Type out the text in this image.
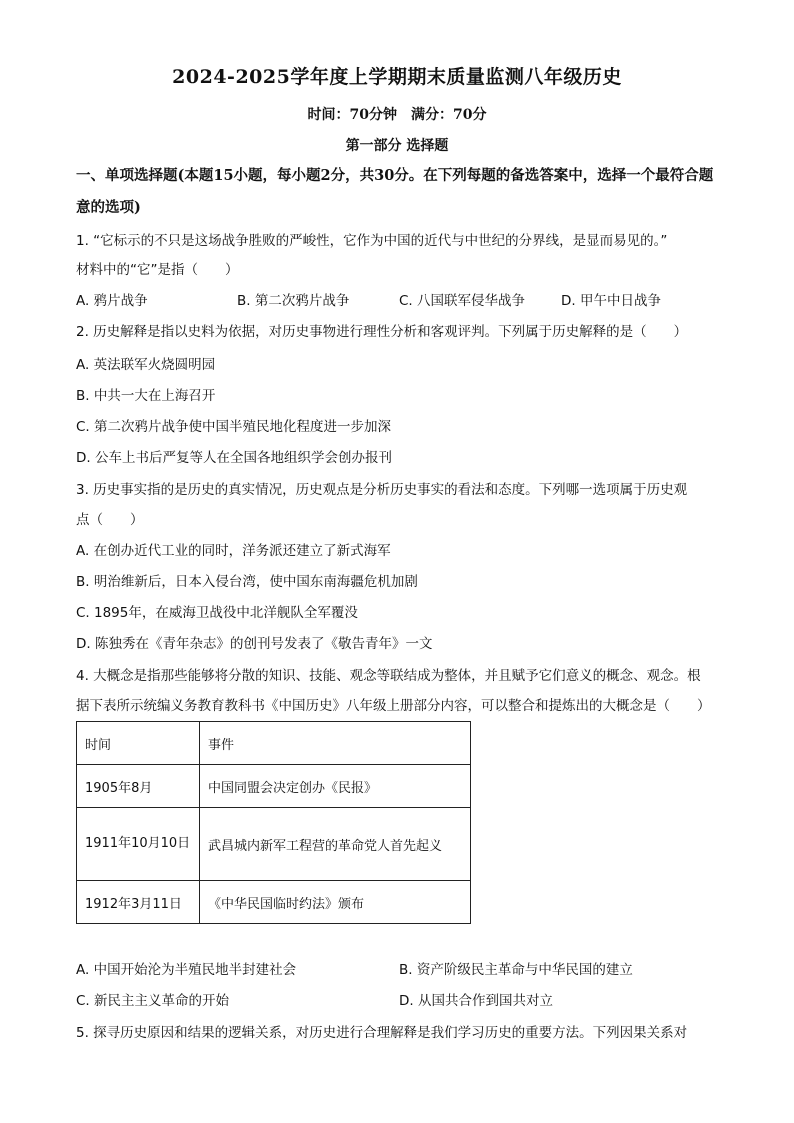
2024-2025学年度上学期期末质量监测八年级历史
时间：70分钟　满分：70分
第一部分 选择题
一、单项选择题(本题15小题，每小题2分，共30分。在下列每题的备选答案中，选择一个最符合题意的选项)
1. “它标示的不只是这场战争胜败的严峻性，它作为中国的近代与中世纪的分界线，是显而易见的。”
材料中的“它”是指（　　）
A. 鸦片战争	B. 第二次鸦片战争	C. 八国联军侵华战争	D. 甲午中日战争
2. 历史解释是指以史料为依据，对历史事物进行理性分析和客观评判。下列属于历史解释的是（　　）
A. 英法联军火烧圆明园
B. 中共一大在上海召开
C. 第二次鸦片战争使中国半殖民地化程度进一步加深
D. 公车上书后严复等人在全国各地组织学会创办报刊
3. 历史事实指的是历史的真实情况，历史观点是分析历史事实的看法和态度。下列哪一选项属于历史观
点（　　）
A. 在创办近代工业的同时，洋务派还建立了新式海军
B. 明治维新后，日本入侵台湾，使中国东南海疆危机加剧
C. 1895年，在威海卫战役中北洋舰队全军覆没
D. 陈独秀在《青年杂志》的创刊号发表了《敬告青年》一文
4. 大概念是指那些能够将分散的知识、技能、观念等联结成为整体，并且赋予它们意义的概念、观念。根
据下表所示统编义务教育教科书《中国历史》八年级上册部分内容，可以整合和提炼出的大概念是（　　）
时间	事件
1905年8月	中国同盟会决定创办《民报》
1911年10月10日	武昌城内新军工程营的革命党人首先起义
1912年3月11日	《中华民国临时约法》颁布
A. 中国开始沦为半殖民地半封建社会	B. 资产阶级民主革命与中华民国的建立
C. 新民主主义革命的开始	D. 从国共合作到国共对立
5. 探寻历史原因和结果的逻辑关系，对历史进行合理解释是我们学习历史的重要方法。下列因果关系对
